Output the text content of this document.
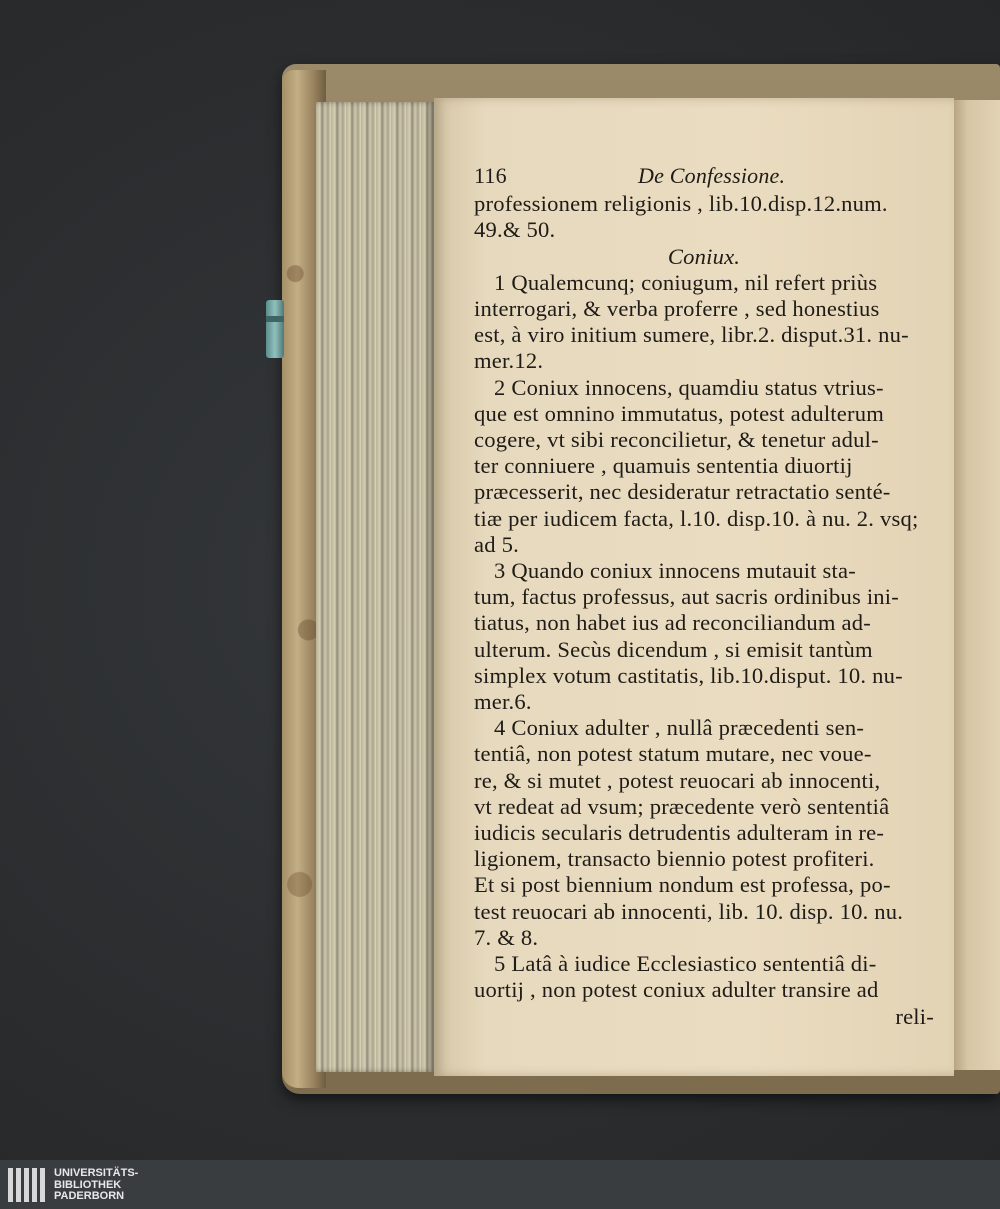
116	De Confessione.
professionem religionis , lib.10.disp.12.num.
49.& 50.
Coniux.
1 Qualemcunq; coniugum, nil refert priùs
interrogari, & verba proferre , sed honestius
est, à viro initium sumere, libr.2. disput.31. nu-
mer.12.
2 Coniux innocens, quamdiu status vtrius-
que est omnino immutatus, potest adulterum
cogere, vt sibi reconcilietur, & tenetur adul-
ter conniuere , quamuis sententia diuortij
præcesserit, nec desideratur retractatio senté-
tiæ per iudicem facta, l.10. disp.10. à nu. 2. vsq;
ad 5.
3 Quando coniux innocens mutauit sta-
tum, factus professus, aut sacris ordinibus ini-
tiatus, non habet ius ad reconciliandum ad-
ulterum. Secùs dicendum , si emisit tantùm
simplex votum castitatis, lib.10.disput. 10. nu-
mer.6.
4 Coniux adulter , nullâ præcedenti sen-
tentiâ, non potest statum mutare, nec voue-
re, & si mutet , potest reuocari ab innocenti,
vt redeat ad vsum; præcedente verò sententiâ
iudicis secularis detrudentis adulteram in re-
ligionem, transacto biennio potest profiteri.
Et si post biennium nondum est professa, po-
test reuocari ab innocenti, lib. 10. disp. 10. nu.
7. & 8.
5 Latâ à iudice Ecclesiastico sententiâ di-
uortij , non potest coniux adulter transire ad
reli-
UNIVERSITÄTS-
BIBLIOTHEK
PADERBORN
